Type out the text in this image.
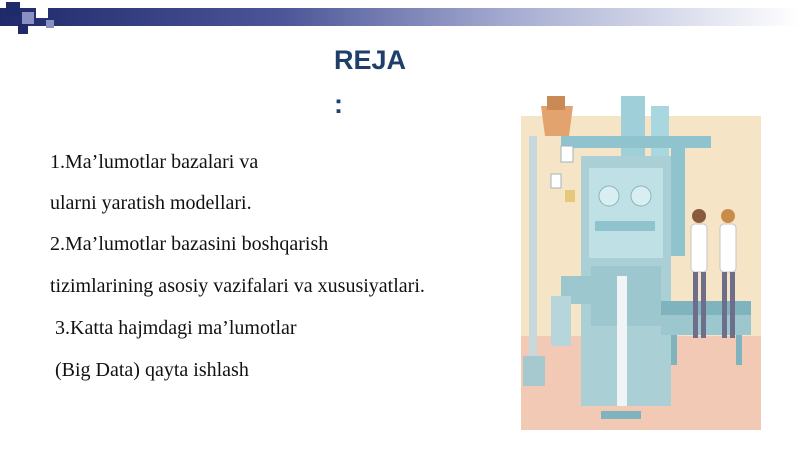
REJA
:
1.Ma’lumotlar bazalari va
ularni yaratish modellari.
2.Ma’lumotlar bazasini boshqarish
tizimlarining asosiy vazifalari va xususiyatlari.
3.Katta hajmdagi ma’lumotlar
(Big Data) qayta ishlash
